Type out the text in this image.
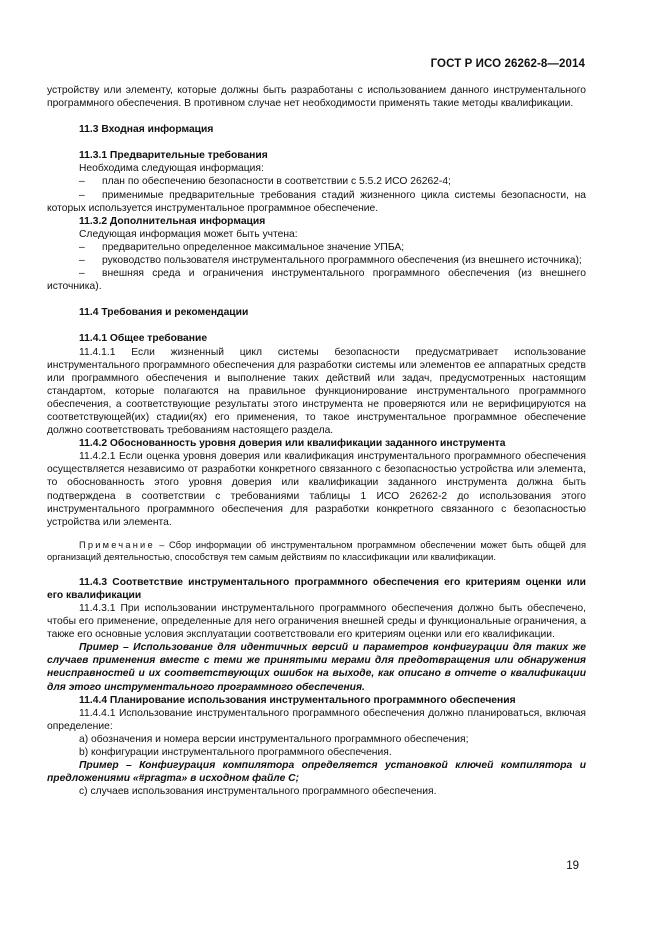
ГОСТ Р ИСО 26262-8—2014

устройству или элементу, которые должны быть разработаны с использованием данного инструментального программного обеспечения. В противном случае нет необходимости применять такие методы квалификации.

11.3 Входная информация

11.3.1 Предварительные требования

Необходима следующая информация:

– план по обеспечению безопасности в соответствии с 5.5.2 ИСО 26262-4;

– применимые предварительные требования стадий жизненного цикла системы безопасности, на которых используется инструментальное программное обеспечение.

11.3.2 Дополнительная информация

Следующая информация может быть учтена:

– предварительно определенное максимальное значение УПБА;

– руководство пользователя инструментального программного обеспечения (из внешнего источника);

– внешняя среда и ограничения инструментального программного обеспечения (из внешнего источника).

11.4 Требования и рекомендации

11.4.1 Общее требование

11.4.1.1 Если жизненный цикл системы безопасности предусматривает использование инструментального программного обеспечения для разработки системы или элементов ее аппаратных средств или программного обеспечения и выполнение таких действий или задач, предусмотренных настоящим стандартом, которые полагаются на правильное функционирование инструментального программного обеспечения, а соответствующие результаты этого инструмента не проверяются или не верифицируются на соответствующей(их) стадии(ях) его применения, то такое инструментальное программное обеспечение должно соответствовать требованиям настоящего раздела.

11.4.2 Обоснованность уровня доверия или квалификации заданного инструмента

11.4.2.1 Если оценка уровня доверия или квалификация инструментального программного обеспечения осуществляется независимо от разработки конкретного связанного с безопасностью устройства или элемента, то обоснованность этого уровня доверия или квалификации заданного инструмента должна быть подтверждена в соответствии с требованиями таблицы 1 ИСО 26262-2 до использования этого инструментального программного обеспечения для разработки конкретного связанного с безопасностью устройства или элемента.

Примечание – Сбор информации об инструментальном программном обеспечении может быть общей для организаций деятельностью, способствуя тем самым действиям по классификации или квалификации.

11.4.3 Соответствие инструментального программного обеспечения его критериям оценки или его квалификации

11.4.3.1 При использовании инструментального программного обеспечения должно быть обеспечено, чтобы его применение, определенные для него ограничения внешней среды и функциональные ограничения, а также его основные условия эксплуатации соответствовали его критериям оценки или его квалификации.

Пример – Использование для идентичных версий и параметров конфигурации для таких же случаев применения вместе с теми же принятыми мерами для предотвращения или обнаружения неисправностей и их соответствующих ошибок на выходе, как описано в отчете о квалификации для этого инструментального программного обеспечения.

11.4.4 Планирование использования инструментального программного обеспечения

11.4.4.1 Использование инструментального программного обеспечения должно планироваться, включая определение:

а) обозначения и номера версии инструментального программного обеспечения;

b) конфигурации инструментального программного обеспечения.

Пример – Конфигурация компилятора определяется установкой ключей компилятора и предложениями «#pragma» в исходном файле С;

с) случаев использования инструментального программного обеспечения.

19
